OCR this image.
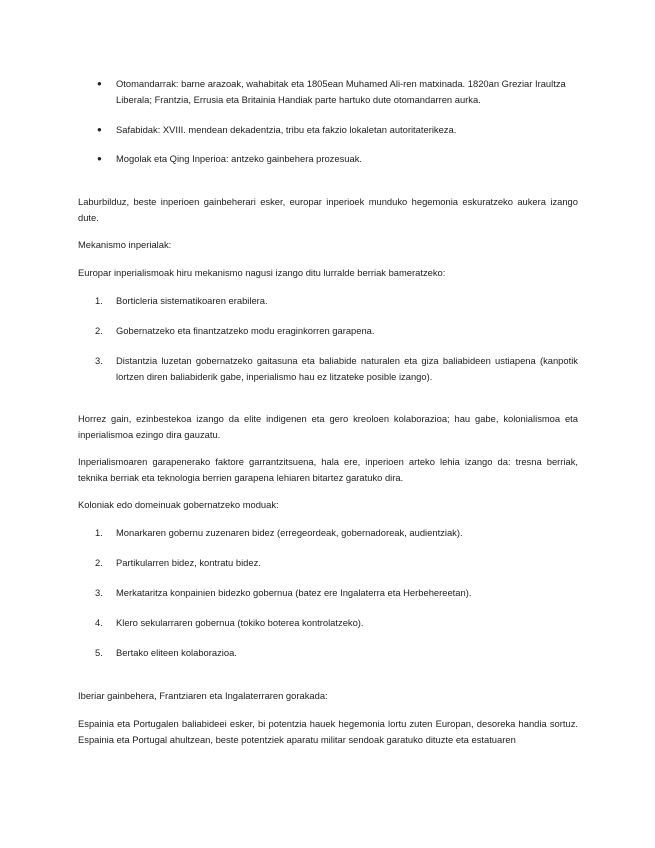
● Otomandarrak: barne arazoak, wahabitak eta 1805ean Muhamed Ali-ren matxinada. 1820an Greziar Iraultza Liberala; Frantzia, Errusia eta Britainia Handiak parte hartuko dute otomandarren aurka.

● Safabidak: XVIII. mendean dekadentzia, tribu eta fakzio lokaletan autoritaterikeza.

● Mogolak eta Qing Inperioa: antzeko gainbehera prozesuak.

Laburbilduz, beste inperioen gainbeherari esker, europar inperioek munduko hegemonia eskuratzeko aukera izango dute.

Mekanismo inperialak:

Europar inperialismoak hiru mekanismo nagusi izango ditu lurralde berriak bameratzeko:

1. Borticleria sistematikoaren erabilera.

2. Gobernatzeko eta finantzatzeko modu eraginkorren garapena.

3. Distantzia luzetan gobernatzeko gaitasuna eta baliabide naturalen eta giza baliabideen ustiapena (kanpotik lortzen diren baliabiderik gabe, inperialismo hau ez litzateke posible izango).

Horrez gain, ezinbestekoa izango da elite indigenen eta gero kreoloen kolaborazioa; hau gabe, kolonialismoa eta inperialismoa ezingo dira gauzatu.

Inperialismoaren garapenerako faktore garrantzitsuena, hala ere, inperioen arteko lehia izango da: tresna berriak, teknika berriak eta teknologia berrien garapena lehiaren bitartez garatuko dira.

Koloniak edo domeinuak gobernatzeko moduak:

1. Monarkaren gobernu zuzenaren bidez (erregeordeak, gobernadoreak, audientziak).

2. Partikularren bidez, kontratu bidez.

3. Merkataritza konpainien bidezko gobernua (batez ere Ingalaterra eta Herbehereetan).

4. Klero sekularraren gobernua (tokiko boterea kontrolatzeko).

5. Bertako eliteen kolaborazioa.

Iberiar gainbehera, Frantziaren eta Ingalaterraren gorakada:

Espainia eta Portugalen baliabideei esker, bi potentzia hauek hegemonia lortu zuten Europan, desoreka handia sortuz. Espainia eta Portugal ahultzean, beste potentziek aparatu militar sendoak garatuko dituzte eta estatuaren
